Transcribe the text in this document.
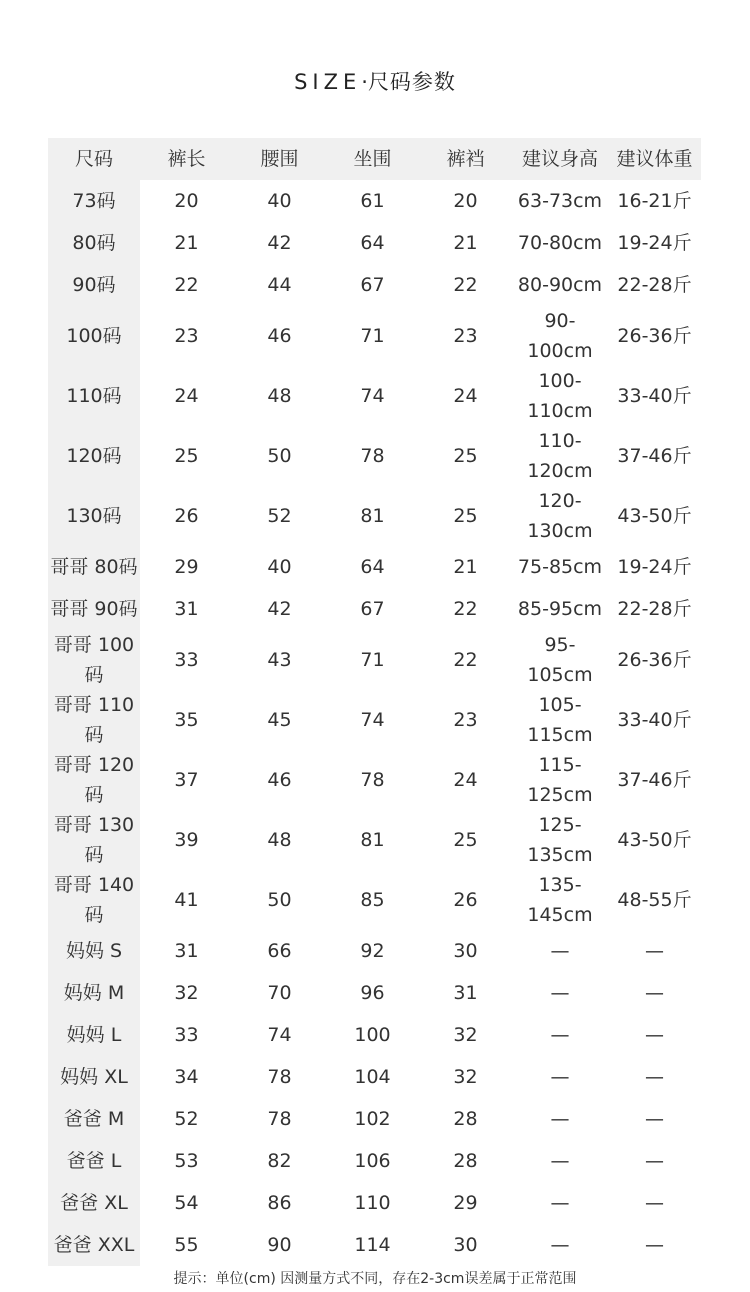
SIZE·尺码参数
尺码	裤长	腰围	坐围	裤裆	建议身高	建议体重
73码	20	40	61	20	63-73cm	16-21斤
80码	21	42	64	21	70-80cm	19-24斤
90码	22	44	67	22	80-90cm	22-28斤
100码	23	46	71	23	90-100cm	26-36斤
110码	24	48	74	24	100-110cm	33-40斤
120码	25	50	78	25	110-120cm	37-46斤
130码	26	52	81	25	120-130cm	43-50斤
哥哥 80码	29	40	64	21	75-85cm	19-24斤
哥哥 90码	31	42	67	22	85-95cm	22-28斤
哥哥 100码	33	43	71	22	95-105cm	26-36斤
哥哥 110码	35	45	74	23	105-115cm	33-40斤
哥哥 120码	37	46	78	24	115-125cm	37-46斤
哥哥 130码	39	48	81	25	125-135cm	43-50斤
哥哥 140码	41	50	85	26	135-145cm	48-55斤
妈妈 S	31	66	92	30	—	—
妈妈 M	32	70	96	31	—	—
妈妈 L	33	74	100	32	—	—
妈妈 XL	34	78	104	32	—	—
爸爸 M	52	78	102	28	—	—
爸爸 L	53	82	106	28	—	—
爸爸 XL	54	86	110	29	—	—
爸爸 XXL	55	90	114	30	—	—
提示：单位(cm) 因测量方式不同，存在2-3cm误差属于正常范围
